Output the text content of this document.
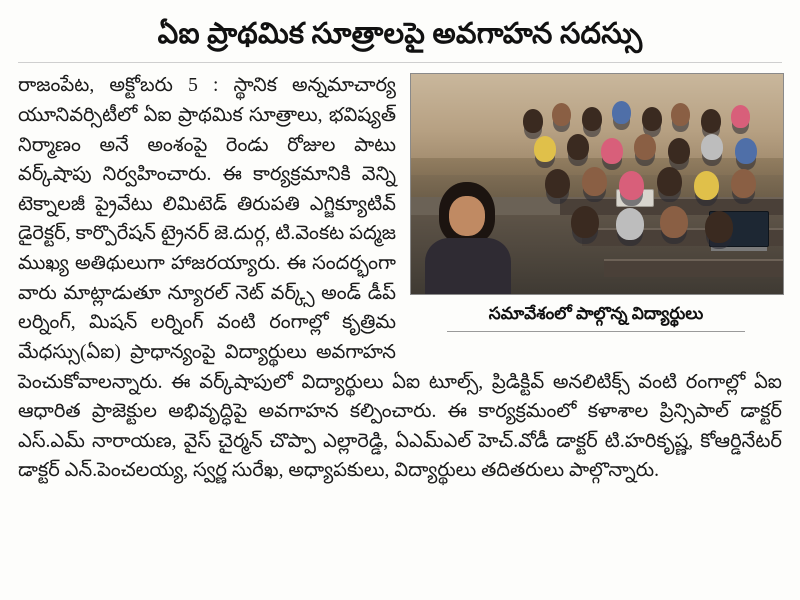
ఏఐ ప్రాథమిక సూత్రాలపై అవగాహన సదస్సు
సమావేశంలో పాల్గొన్న విద్యార్థులు

రాజంపేట, అక్టోబరు 5 : స్థానిక అన్నమాచార్య యూనివర్సిటీలో ఏఐ ప్రాథమిక సూత్రాలు, భవిష్యత్ నిర్మాణం అనే అంశంపై రెండు రోజుల పాటు వర్క్‌షాపు నిర్వహించారు. ఈ కార్యక్రమానికి వెన్ని టెక్నాలజీ ప్రైవేటు లిమిటెడ్ తిరుపతి ఎగ్జిక్యూటివ్ డైరెక్టర్, కార్పొరేషన్ ట్రైనర్ జె.దుర్గ, టి.వెంకట పద్మజ ముఖ్య అతిథులుగా హాజరయ్యారు. ఈ సందర్భంగా వారు మాట్లాడుతూ న్యూరల్ నెట్ వర్క్స్ అండ్ డీప్ లర్నింగ్, మిషన్ లర్నింగ్ వంటి రంగాల్లో కృత్రిమ మేధస్సు(ఏఐ) ప్రాధాన్యంపై విద్యార్థులు అవగాహన పెంచుకోవాలన్నారు. ఈ వర్క్‌షాపులో విద్యార్థులు ఏఐ టూల్స్, ప్రిడిక్టివ్ అనలిటిక్స్ వంటి రంగాల్లో ఏఐ ఆధారిత ప్రాజెక్టుల అభివృద్ధిపై అవగాహన కల్పించారు. ఈ కార్యక్రమంలో కళాశాల ప్రిన్సిపాల్ డాక్టర్ ఎస్.ఎమ్ నారాయణ, వైస్ చైర్మన్ చొప్పా ఎల్లారెడ్డి, ఏఎమ్ఎల్ హెచ్.వోడీ డాక్టర్ టి.హరికృష్ణ, కోఆర్డినేటర్ డాక్టర్ ఎన్.పెంచలయ్య, స్వర్ణ సురేఖ, అధ్యాపకులు, విద్యార్థులు తదితరులు పాల్గొన్నారు.
